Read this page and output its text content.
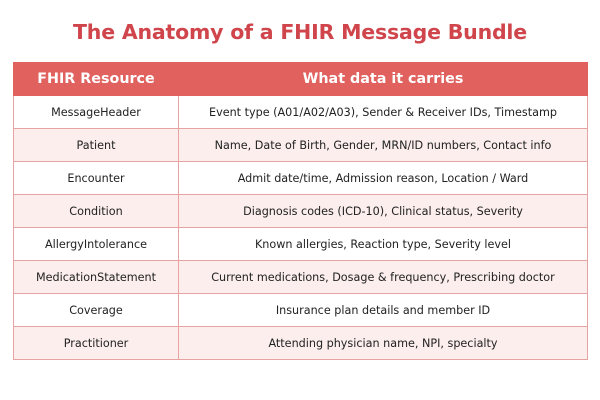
The Anatomy of a FHIR Message Bundle
FHIR Resource	What data it carries
MessageHeader	Event type (A01/A02/A03), Sender & Receiver IDs, Timestamp
Patient	Name, Date of Birth, Gender, MRN/ID numbers, Contact info
Encounter	Admit date/time, Admission reason, Location / Ward
Condition	Diagnosis codes (ICD-10), Clinical status, Severity
AllergyIntolerance	Known allergies, Reaction type, Severity level
MedicationStatement	Current medications, Dosage & frequency, Prescribing doctor
Coverage	Insurance plan details and member ID
Practitioner	Attending physician name, NPI, specialty
